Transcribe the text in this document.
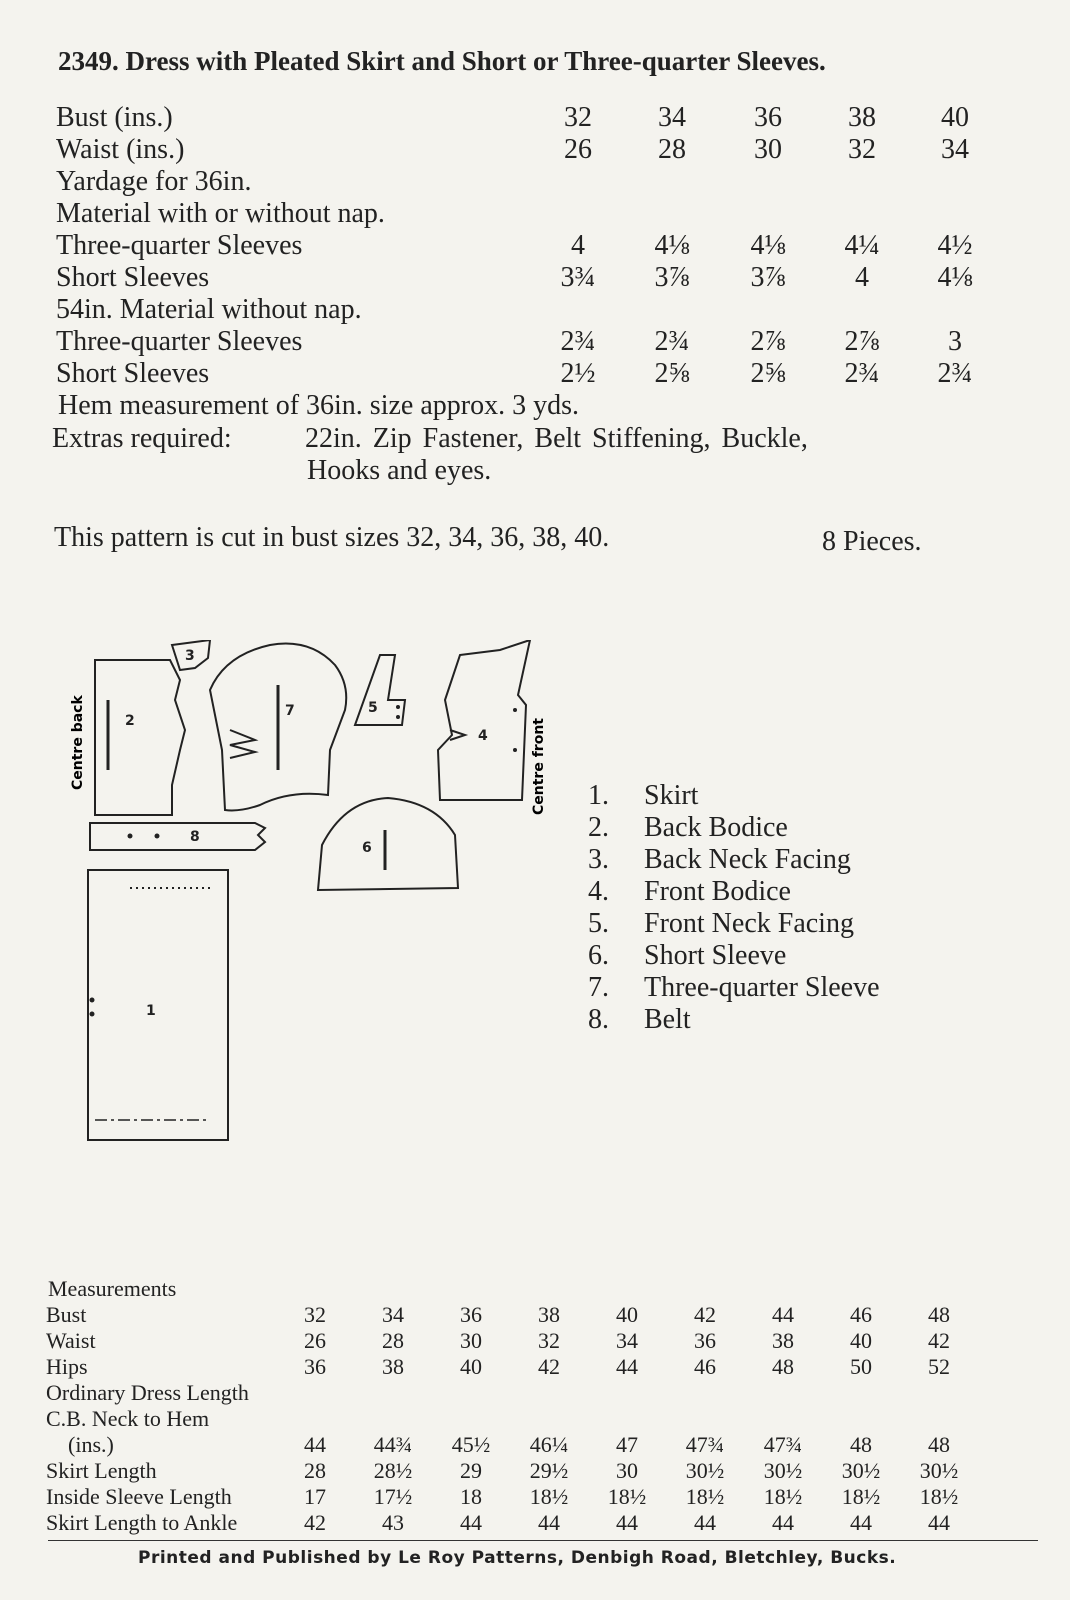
2349. Dress with Pleated Skirt and Short or Three-quarter Sleeves.
Bust (ins.)	32	34	36	38	40
Waist (ins.)	26	28	30	32	34
Yardage for 36in.
Material with or without nap.
Three-quarter Sleeves	4	4⅛	4⅛	4¼	4½
Short Sleeves	3¾	3⅞	3⅞	4	4⅛
54in. Material without nap.
Three-quarter Sleeves	2¾	2¾	2⅞	2⅞	3
Short Sleeves	2½	2⅝	2⅝	2¾	2¾
Hem measurement of 36in. size approx. 3 yds.
Extras required:	22in. Zip Fastener, Belt Stiffening, Buckle,
Hooks and eyes.
This pattern is cut in bust sizes 32, 34, 36, 38, 40.	8 Pieces.
2
3
7	5
4
8
6
1
Centre back	Centre front 1. Skirt
2. Back Bodice
3. Back Neck Facing
4. Front Bodice
5. Front Neck Facing
6. Short Sleeve
7. Three-quarter Sleeve
8. Belt
Measurements
Bust	32	34	36	38	40	42	44	46	48
Waist	26	28	30	32	34	36	38	40	42
Hips	36	38	40	42	44	46	48	50	52
Ordinary Dress Length
C.B. Neck to Hem
(ins.)	44	44¾	45½	46¼	47	47¾	47¾	48	48
Skirt Length	28	28½	29	29½	30	30½	30½	30½	30½
Inside Sleeve Length	17	17½	18	18½	18½	18½	18½	18½	18½
Skirt Length to Ankle	42	43	44	44	44	44	44	44	44
Printed and Published by Le Roy Patterns, Denbigh Road, Bletchley, Bucks.
